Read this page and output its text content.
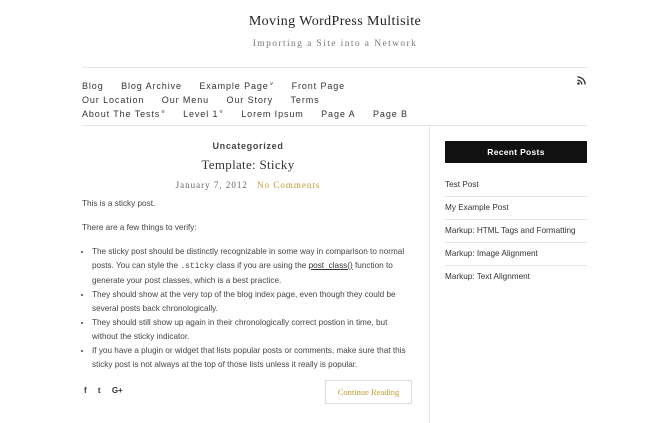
Moving WordPress Multisite
Importing a Site into a Network
Blog Blog Archive Example Page˅ Front Page
Our Location Our Menu Our Story Terms
About The Tests˅ Level 1˅ Lorem Ipsum Page A Page B
Uncategorized
Template: Sticky
January 7, 2012 No Comments

This is a sticky post.

There are a few things to verify:

• The sticky post should be distinctly recognizable in some way in comparison to normal posts. You can style the .sticky class if you are using the post_class() function to generate your post classes, which is a best practice.
• They should show at the very top of the blog index page, even though they could be several posts back chronologically.
• They should still show up again in their chronologically correct postion in time, but without the sticky indicator.
• If you have a plugin or widget that lists popular posts or comments, make sure that this sticky post is not always at the top of those lists unless it really is popular.
f t G+	Continue Reading
Recent Posts
Test Post
My Example Post
Markup: HTML Tags and Formatting
Markup: Image Alignment
Markup: Text Alignment
